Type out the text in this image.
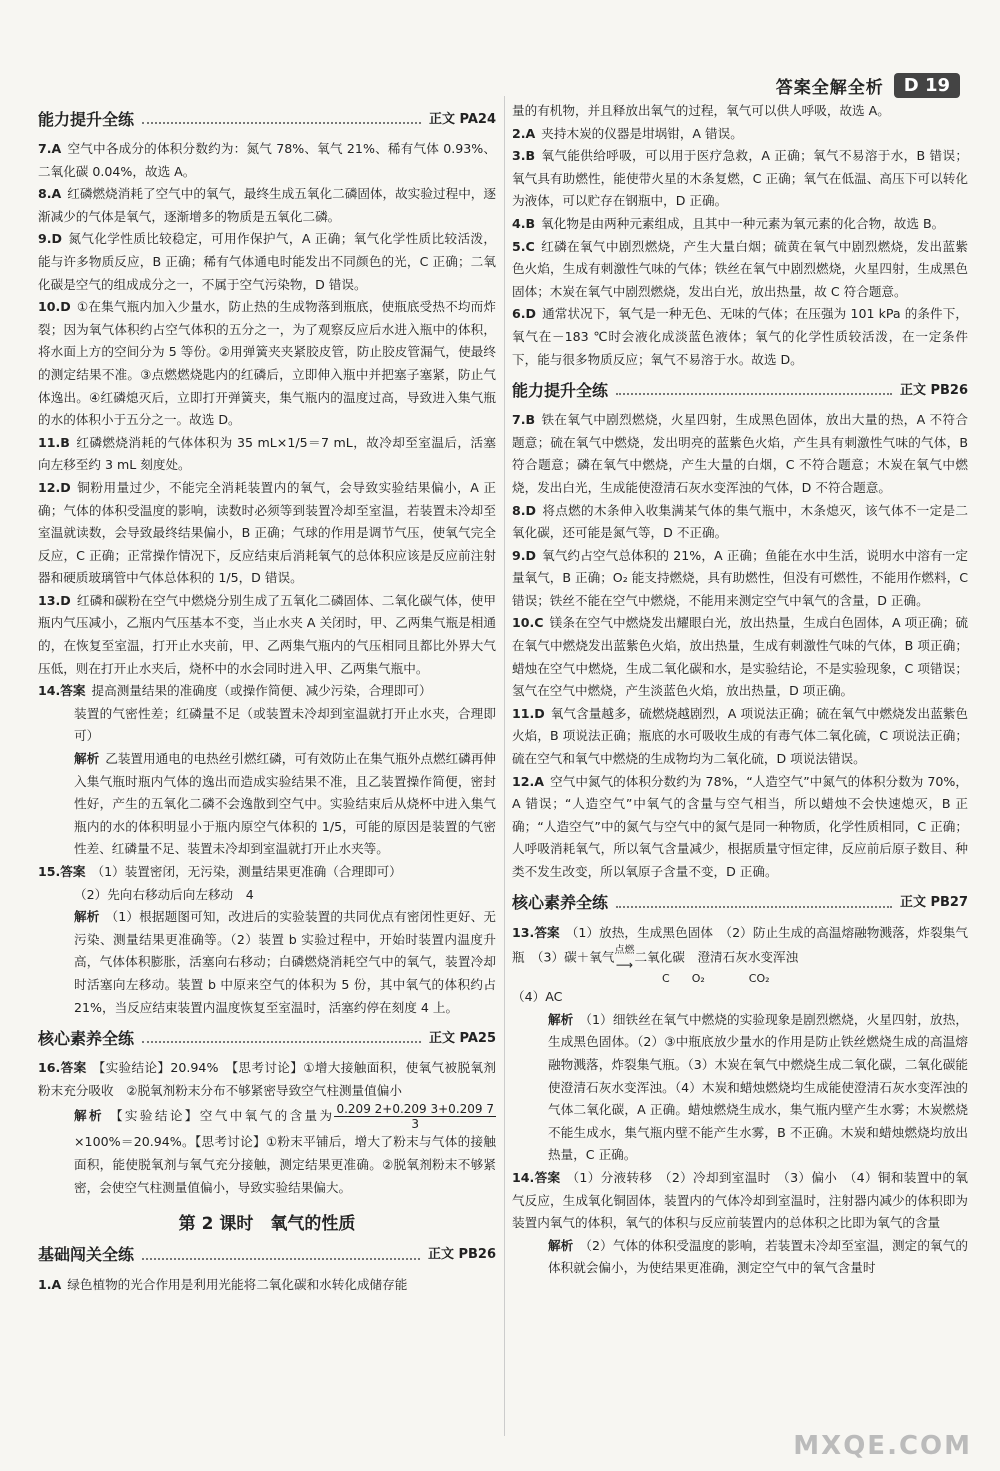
答案全解全析	D 19
能力提升全练	正文 PA24

7.A 空气中各成分的体积分数约为：氮气 78%、氧气 21%、稀有气体 0.93%、二氧化碳 0.04%，故选 A。

8.A 红磷燃烧消耗了空气中的氧气，最终生成五氧化二磷固体，故实验过程中，逐渐减少的气体是氧气，逐渐增多的物质是五氧化二磷。

9.D 氮气化学性质比较稳定，可用作保护气，A 正确；氧气化学性质比较活泼，能与许多物质反应，B 正确；稀有气体通电时能发出不同颜色的光，C 正确；二氧化碳是空气的组成成分之一，不属于空气污染物，D 错误。

10.D ①在集气瓶内加入少量水，防止热的生成物落到瓶底，使瓶底受热不均而炸裂；因为氧气体积约占空气体积的五分之一，为了观察反应后水进入瓶中的体积，将水面上方的空间分为 5 等份。②用弹簧夹夹紧胶皮管，防止胶皮管漏气，使最终的测定结果不准。③点燃燃烧匙内的红磷后，立即伸入瓶中并把塞子塞紧，防止气体逸出。④红磷熄灭后，立即打开弹簧夹，集气瓶内的温度过高，导致进入集气瓶的水的体积小于五分之一。故选 D。

11.B 红磷燃烧消耗的气体体积为 35 mL×1/5＝7 mL，故冷却至室温后，活塞向左移至约 3 mL 刻度处。

12.D 铜粉用量过少，不能完全消耗装置内的氧气，会导致实验结果偏小，A 正确；气体的体积受温度的影响，读数时必须等到装置冷却至室温，若装置未冷却至室温就读数，会导致最终结果偏小，B 正确；气球的作用是调节气压，使氧气完全反应，C 正确；正常操作情况下，反应结束后消耗氧气的总体积应该是反应前注射器和硬质玻璃管中气体总体积的 1/5，D 错误。

13.D 红磷和碳粉在空气中燃烧分别生成了五氧化二磷固体、二氧化碳气体，使甲瓶内气压减小，乙瓶内气压基本不变，当止水夹 A 关闭时，甲、乙两集气瓶是相通的，在恢复至室温，打开止水夹前，甲、乙两集气瓶内的气压相同且都比外界大气压低，则在打开止水夹后，烧杯中的水会同时进入甲、乙两集气瓶中。

14.答案 提高测量结果的准确度（或操作简便、减少污染，合理即可）

装置的气密性差；红磷量不足（或装置未冷却到室温就打开止水夹，合理即可）

解析 乙装置用通电的电热丝引燃红磷，可有效防止在集气瓶外点燃红磷再伸入集气瓶时瓶内气体的逸出而造成实验结果不准，且乙装置操作简便，密封性好，产生的五氧化二磷不会逸散到空气中。实验结束后从烧杯中进入集气瓶内的水的体积明显小于瓶内原空气体积的 1/5，可能的原因是装置的气密性差、红磷量不足、装置未冷却到室温就打开止水夹等。

15.答案 （1）装置密闭，无污染，测量结果更准确（合理即可）

（2）先向右移动后向左移动　4

解析 （1）根据题图可知，改进后的实验装置的共同优点有密闭性更好、无污染、测量结果更准确等。（2）装置 b 实验过程中，开始时装置内温度升高，气体体积膨胀，活塞向右移动；白磷燃烧消耗空气中的氧气，装置冷却时活塞向左移动。装置 b 中原来空气的体积为 5 份，其中氧气的体积约占 21%，当反应结束装置内温度恢复至室温时，活塞约停在刻度 4 上。

核心素养全练	正文 PA25

16.答案 【实验结论】20.94%　【思考讨论】①增大接触面积，使氧气被脱氧剂粉末充分吸收　②脱氧剂粉末分布不够紧密导致空气柱测量值偏小

解析 【实验结论】空气中氧气的含量为 $\frac{0.209 2+0.209 3+0.209 7}{3}$
×100%＝20.94%。【思考讨论】①粉末平铺后，增大了粉末与气体的接触面积，能使脱氧剂与氧气充分接触，测定结果更准确。②脱氧剂粉末不够紧密，会使空气柱测量值偏小，导致实验结果偏大。

第 2 课时　氧气的性质
基础闯关全练	正文 PB26

1.A 绿色植物的光合作用是利用光能将二氧化碳和水转化成储存能

量的有机物，并且释放出氧气的过程，氧气可以供人呼吸，故选 A。

2.A 夹持木炭的仪器是坩埚钳，A 错误。

3.B 氧气能供给呼吸，可以用于医疗急救，A 正确；氧气不易溶于水，B 错误；氧气具有助燃性，能使带火星的木条复燃，C 正确；氧气在低温、高压下可以转化为液体，可以贮存在钢瓶中，D 正确。

4.B 氧化物是由两种元素组成，且其中一种元素为氧元素的化合物，故选 B。

5.C 红磷在氧气中剧烈燃烧，产生大量白烟；硫黄在氧气中剧烈燃烧，发出蓝紫色火焰，生成有刺激性气味的气体；铁丝在氧气中剧烈燃烧，火星四射，生成黑色固体；木炭在氧气中剧烈燃烧，发出白光，放出热量，故 C 符合题意。

6.D 通常状况下，氧气是一种无色、无味的气体；在压强为 101 kPa 的条件下，氧气在－183 ℃时会液化成淡蓝色液体；氧气的化学性质较活泼，在一定条件下，能与很多物质反应；氧气不易溶于水。故选 D。

能力提升全练	正文 PB26

7.B 铁在氧气中剧烈燃烧，火星四射，生成黑色固体，放出大量的热，A 不符合题意；硫在氧气中燃烧，发出明亮的蓝紫色火焰，产生具有刺激性气味的气体，B 符合题意；磷在氧气中燃烧，产生大量的白烟，C 不符合题意；木炭在氧气中燃烧，发出白光，生成能使澄清石灰水变浑浊的气体，D 不符合题意。

8.D 将点燃的木条伸入收集满某气体的集气瓶中，木条熄灭，该气体不一定是二氧化碳，还可能是氮气等，D 不正确。

9.D 氧气约占空气总体积的 21%，A 正确；鱼能在水中生活，说明水中溶有一定量氧气，B 正确；O₂ 能支持燃烧，具有助燃性，但没有可燃性，不能用作燃料，C 错误；铁丝不能在空气中燃烧，不能用来测定空气中氧气的含量，D 正确。

10.C 镁条在空气中燃烧发出耀眼白光，放出热量，生成白色固体，A 项正确；硫在氧气中燃烧发出蓝紫色火焰，放出热量，生成有刺激性气味的气体，B 项正确；蜡烛在空气中燃烧，生成二氧化碳和水，是实验结论，不是实验现象，C 项错误；氢气在空气中燃烧，产生淡蓝色火焰，放出热量，D 项正确。

11.D 氧气含量越多，硫燃烧越剧烈，A 项说法正确；硫在氧气中燃烧发出蓝紫色火焰，B 项说法正确；瓶底的水可吸收生成的有毒气体二氧化硫，C 项说法正确；硫在空气和氧气中燃烧的生成物均为二氧化硫，D 项说法错误。

12.A 空气中氮气的体积分数约为 78%，“人造空气”中氮气的体积分数为 70%，A 错误；“人造空气”中氧气的含量与空气相当，所以蜡烛不会快速熄灭，B 正确；“人造空气”中的氮气与空气中的氮气是同一种物质，化学性质相同，C 正确；人呼吸消耗氧气，所以氧气含量减少，根据质量守恒定律，反应前后原子数目、种类不发生改变，所以氧原子含量不变，D 正确。

核心素养全练	正文 PB27

13.答案 （1）放热，生成黑色固体　（2）防止生成的高温熔融物溅落，炸裂集气瓶　（3）碳＋氧气 点燃
⟶
二氧化碳　澄清石灰水变浑浊

C　　 O₂　　　　	CO₂

（4）AC

解析 （1）细铁丝在氧气中燃烧的实验现象是剧烈燃烧，火星四射，放热，生成黑色固体。（2）③中瓶底放少量水的作用是防止铁丝燃烧生成的高温熔融物溅落，炸裂集气瓶。（3）木炭在氧气中燃烧生成二氧化碳，二氧化碳能使澄清石灰水变浑浊。（4）木炭和蜡烛燃烧均生成能使澄清石灰水变浑浊的气体二氧化碳，A 正确。蜡烛燃烧生成水，集气瓶内壁产生水雾；木炭燃烧不能生成水，集气瓶内壁不能产生水雾，B 不正确。木炭和蜡烛燃烧均放出热量，C 正确。

14.答案 （1）分液转移　（2）冷却到室温时　（3）偏小　（4）铜和装置中的氧气反应，生成氧化铜固体，装置内的气体冷却到室温时，注射器内减少的体积即为装置内氧气的体积，氧气的体积与反应前装置内的总体积之比即为氧气的含量

解析 （2）气体的体积受温度的影响，若装置未冷却至室温，测定的氧气的体积就会偏小，为使结果更准确，测定空气中的氧气含量时

MXQE.COM
